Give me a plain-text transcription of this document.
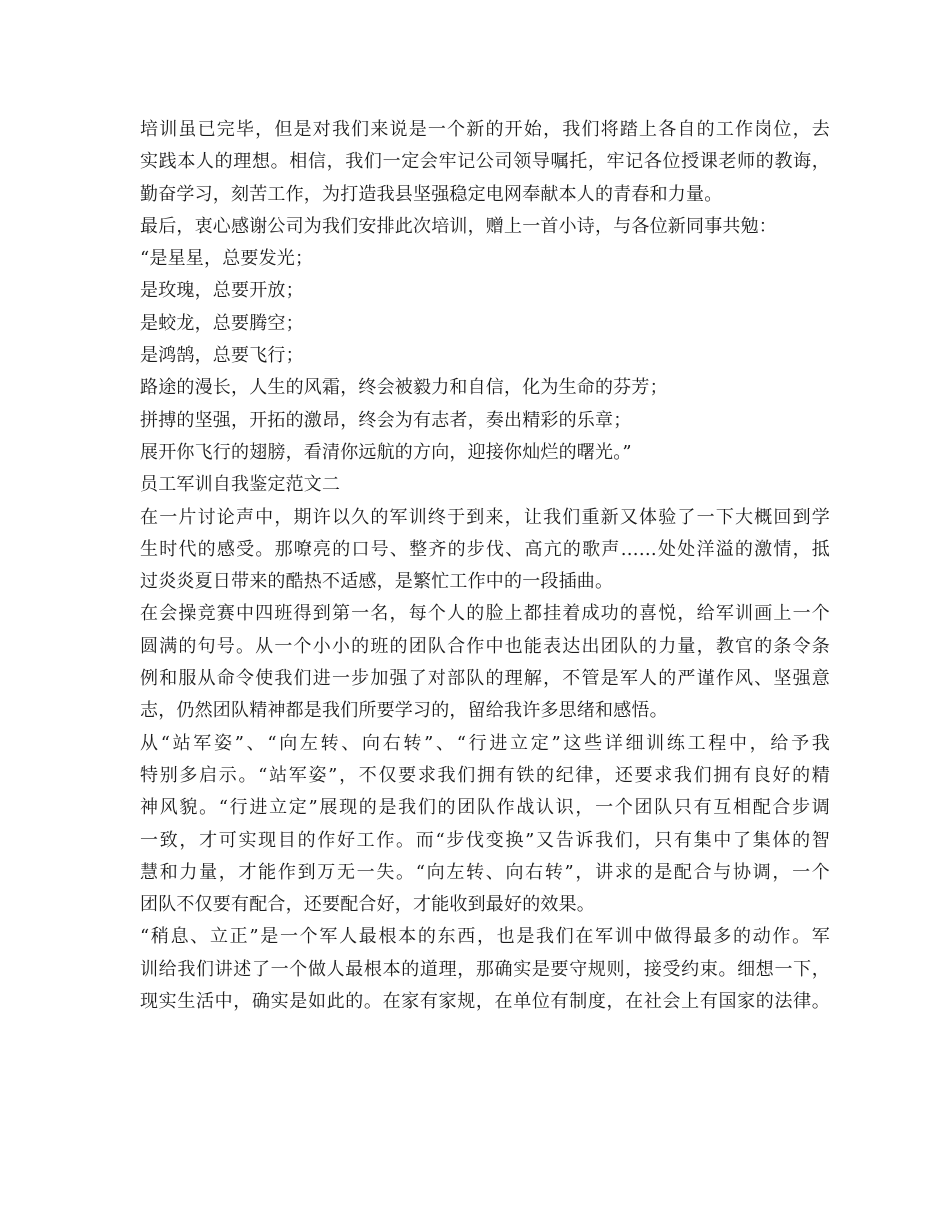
培训虽已完毕，但是对我们来说是一个新的开始，我们将踏上各自的工作岗位，去
实践本人的理想。相信，我们一定会牢记公司领导嘱托，牢记各位授课老师的教诲，
勤奋学习，刻苦工作，为打造我县坚强稳定电网奉献本人的青春和力量。
最后，衷心感谢公司为我们安排此次培训，赠上一首小诗，与各位新同事共勉：
“是星星，总要发光；
是玫瑰，总要开放；
是蛟龙，总要腾空；
是鸿鹄，总要飞行；
路途的漫长，人生的风霜，终会被毅力和自信，化为生命的芬芳；
拼搏的坚强，开拓的激昂，终会为有志者，奏出精彩的乐章；
展开你飞行的翅膀，看清你远航的方向，迎接你灿烂的曙光。”
员工军训自我鉴定范文二
在一片讨论声中，期许以久的军训终于到来，让我们重新又体验了一下大概回到学
生时代的感受。那嘹亮的口号、整齐的步伐、高亢的歌声……处处洋溢的激情，抵
过炎炎夏日带来的酷热不适感，是繁忙工作中的一段插曲。
在会操竞赛中四班得到第一名，每个人的脸上都挂着成功的喜悦，给军训画上一个
圆满的句号。从一个小小的班的团队合作中也能表达出团队的力量，教官的条令条
例和服从命令使我们进一步加强了对部队的理解，不管是军人的严谨作风、坚强意
志，仍然团队精神都是我们所要学习的，留给我许多思绪和感悟。
从“站军姿”、“向左转、向右转”、“行进立定”这些详细训练工程中，给予我
特别多启示。“站军姿”，不仅要求我们拥有铁的纪律，还要求我们拥有良好的精
神风貌。“行进立定”展现的是我们的团队作战认识，一个团队只有互相配合步调
一致，才可实现目的作好工作。而“步伐变换”又告诉我们，只有集中了集体的智
慧和力量，才能作到万无一失。“向左转、向右转”，讲求的是配合与协调，一个
团队不仅要有配合，还要配合好，才能收到最好的效果。
“稍息、立正”是一个军人最根本的东西，也是我们在军训中做得最多的动作。军
训给我们讲述了一个做人最根本的道理，那确实是要守规则，接受约束。细想一下，
现实生活中，确实是如此的。在家有家规，在单位有制度，在社会上有国家的法律。
